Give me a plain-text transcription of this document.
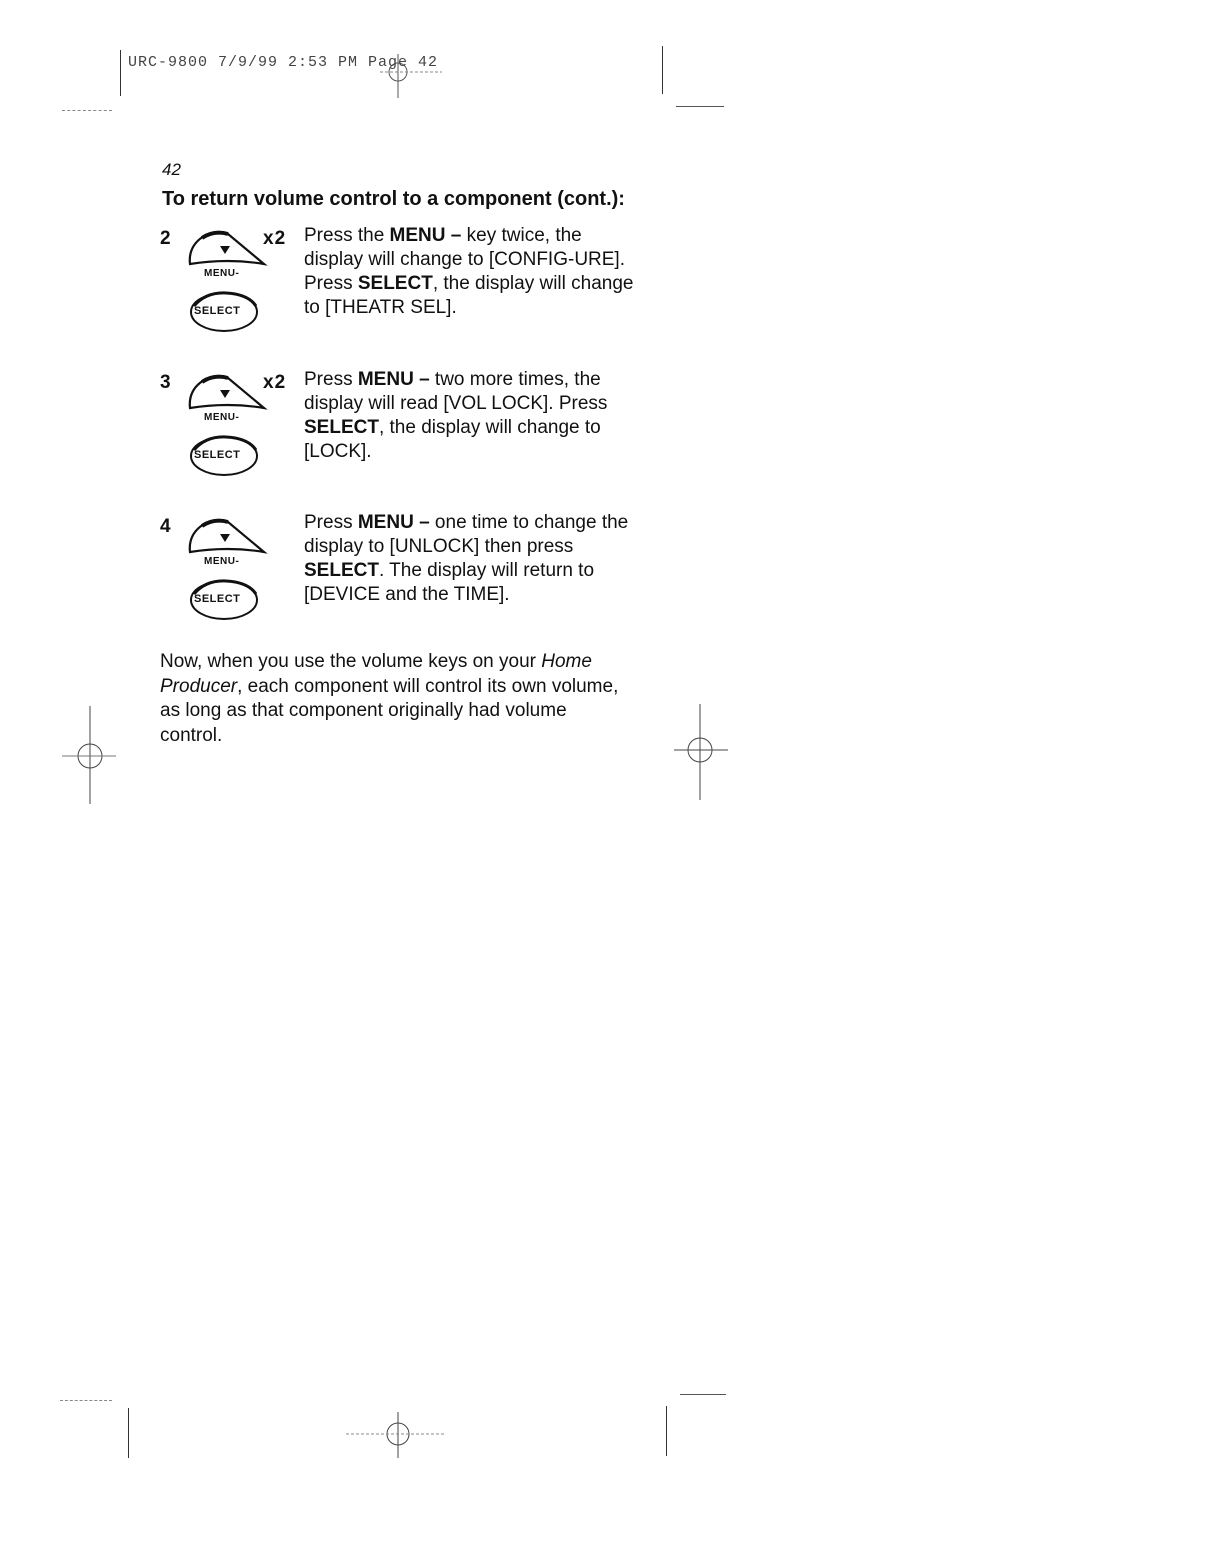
URC-9800 7/9/99 2:53 PM Page 42
42
To return volume control to a component (cont.):
2	x2
MENU-
SELECT
Press the MENU – key twice, the display will change to [CONFIG-URE]. Press SELECT, the display will change to [THEATR SEL].
3	x2
MENU-
SELECT
Press MENU – two more times, the display will read [VOL LOCK]. Press SELECT, the display will change to [LOCK].
4
MENU-
SELECT
Press MENU – one time to change the display to [UNLOCK] then press SELECT. The display will return to [DEVICE and the TIME].
Now, when you use the volume keys on your Home Producer, each component will control its own volume, as long as that component originally had volume control.
